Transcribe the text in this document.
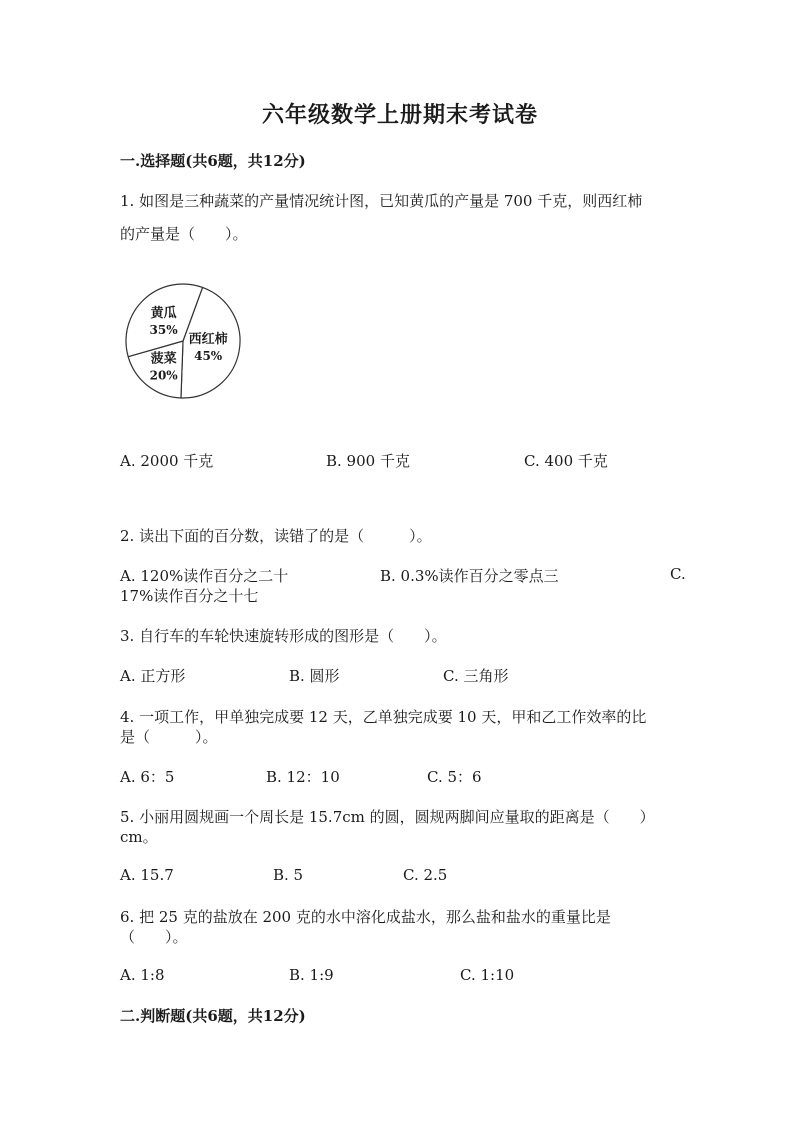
六年级数学上册期末考试卷
一.选择题(共6题，共12分)
1. 如图是三种蔬菜的产量情况统计图，已知黄瓜的产量是 700 千克，则西红柿
的产量是（　　）。
西红柿
45%
菠菜
20%
黄瓜
35%
A. 2000 千克	B. 900 千克	C. 400 千克
2. 读出下面的百分数，读错了的是（　　　）。
A. 120%读作百分之二十	B. 0.3%读作百分之零点三	C.
17%读作百分之十七
3. 自行车的车轮快速旋转形成的图形是（　　）。
A. 正方形	B. 圆形	C. 三角形
4. 一项工作，甲单独完成要 12 天，乙单独完成要 10 天，甲和乙工作效率的比
是（　　　）。
A. 6：5	B. 12：10	C. 5：6
5. 小丽用圆规画一个周长是 15.7cm 的圆，圆规两脚间应量取的距离是（　　）
cm。
A. 15.7	B. 5	C. 2.5
6. 把 25 克的盐放在 200 克的水中溶化成盐水，那么盐和盐水的重量比是
（　　）。
A. 1:8	B. 1:9	C. 1:10
二.判断题(共6题，共12分)
